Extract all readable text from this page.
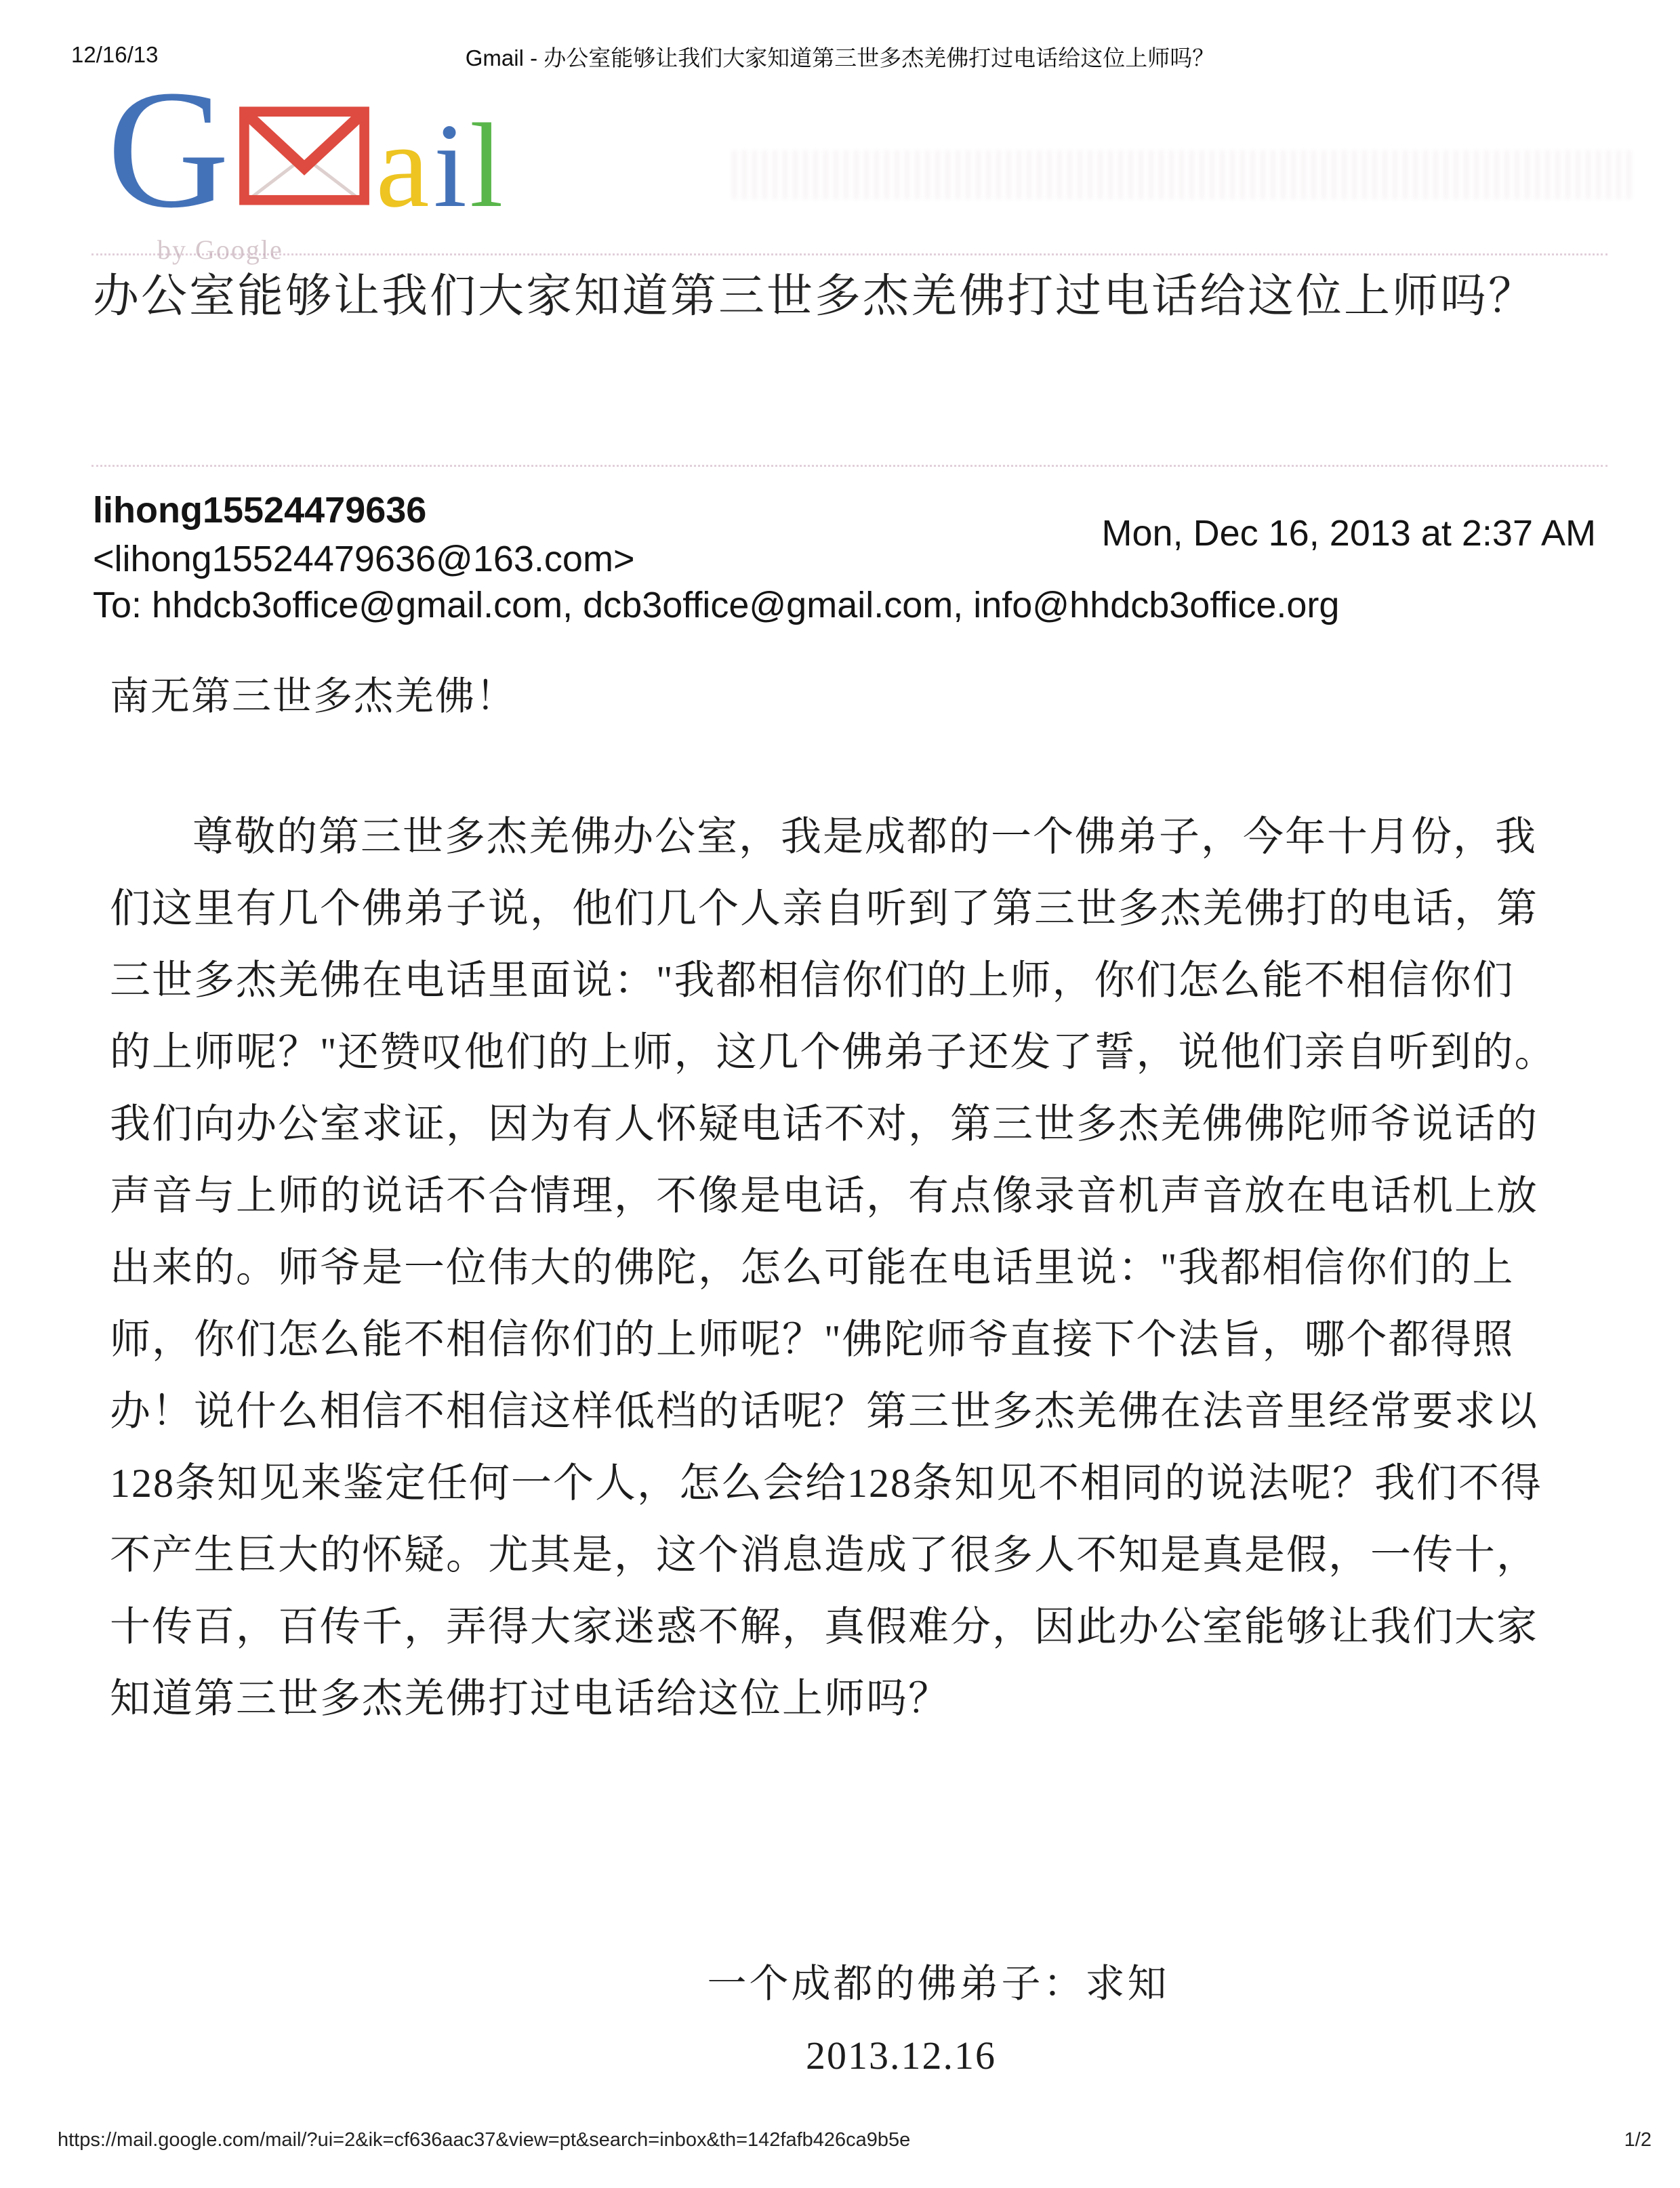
12/16/13	Gmail - 办公室能够让我们大家知道第三世多杰羌佛打过电话给这位上师吗？
G a i l
by Google
办公室能够让我们大家知道第三世多杰羌佛打过电话给这位上师吗？
lihong15524479636
Mon, Dec 16, 2013 at 2:37 AM
<lihong15524479636@163.com>
To: hhdcb3office@gmail.com, dcb3office@gmail.com, info@hhdcb3office.org
南无第三世多杰羌佛！
尊敬的第三世多杰羌佛办公室，我是成都的一个佛弟子，今年十月份，我
们这里有几个佛弟子说，他们几个人亲自听到了第三世多杰羌佛打的电话，第
三世多杰羌佛在电话里面说："我都相信你们的上师，你们怎么能不相信你们
的上师呢？"还赞叹他们的上师，这几个佛弟子还发了誓，说他们亲自听到的。
我们向办公室求证，因为有人怀疑电话不对，第三世多杰羌佛佛陀师爷说话的
声音与上师的说话不合情理，不像是电话，有点像录音机声音放在电话机上放
出来的。师爷是一位伟大的佛陀，怎么可能在电话里说："我都相信你们的上
师，你们怎么能不相信你们的上师呢？"佛陀师爷直接下个法旨，哪个都得照
办！说什么相信不相信这样低档的话呢？第三世多杰羌佛在法音里经常要求以
128条知见来鉴定任何一个人，怎么会给128条知见不相同的说法呢？我们不得
不产生巨大的怀疑。尤其是，这个消息造成了很多人不知是真是假，一传十，
十传百，百传千，弄得大家迷惑不解，真假难分，因此办公室能够让我们大家
知道第三世多杰羌佛打过电话给这位上师吗？
一个成都的佛弟子：求知
2013.12.16
https://mail.google.com/mail/?ui=2&ik=cf636aac37&view=pt&search=inbox&th=142fafb426ca9b5e	1/2
